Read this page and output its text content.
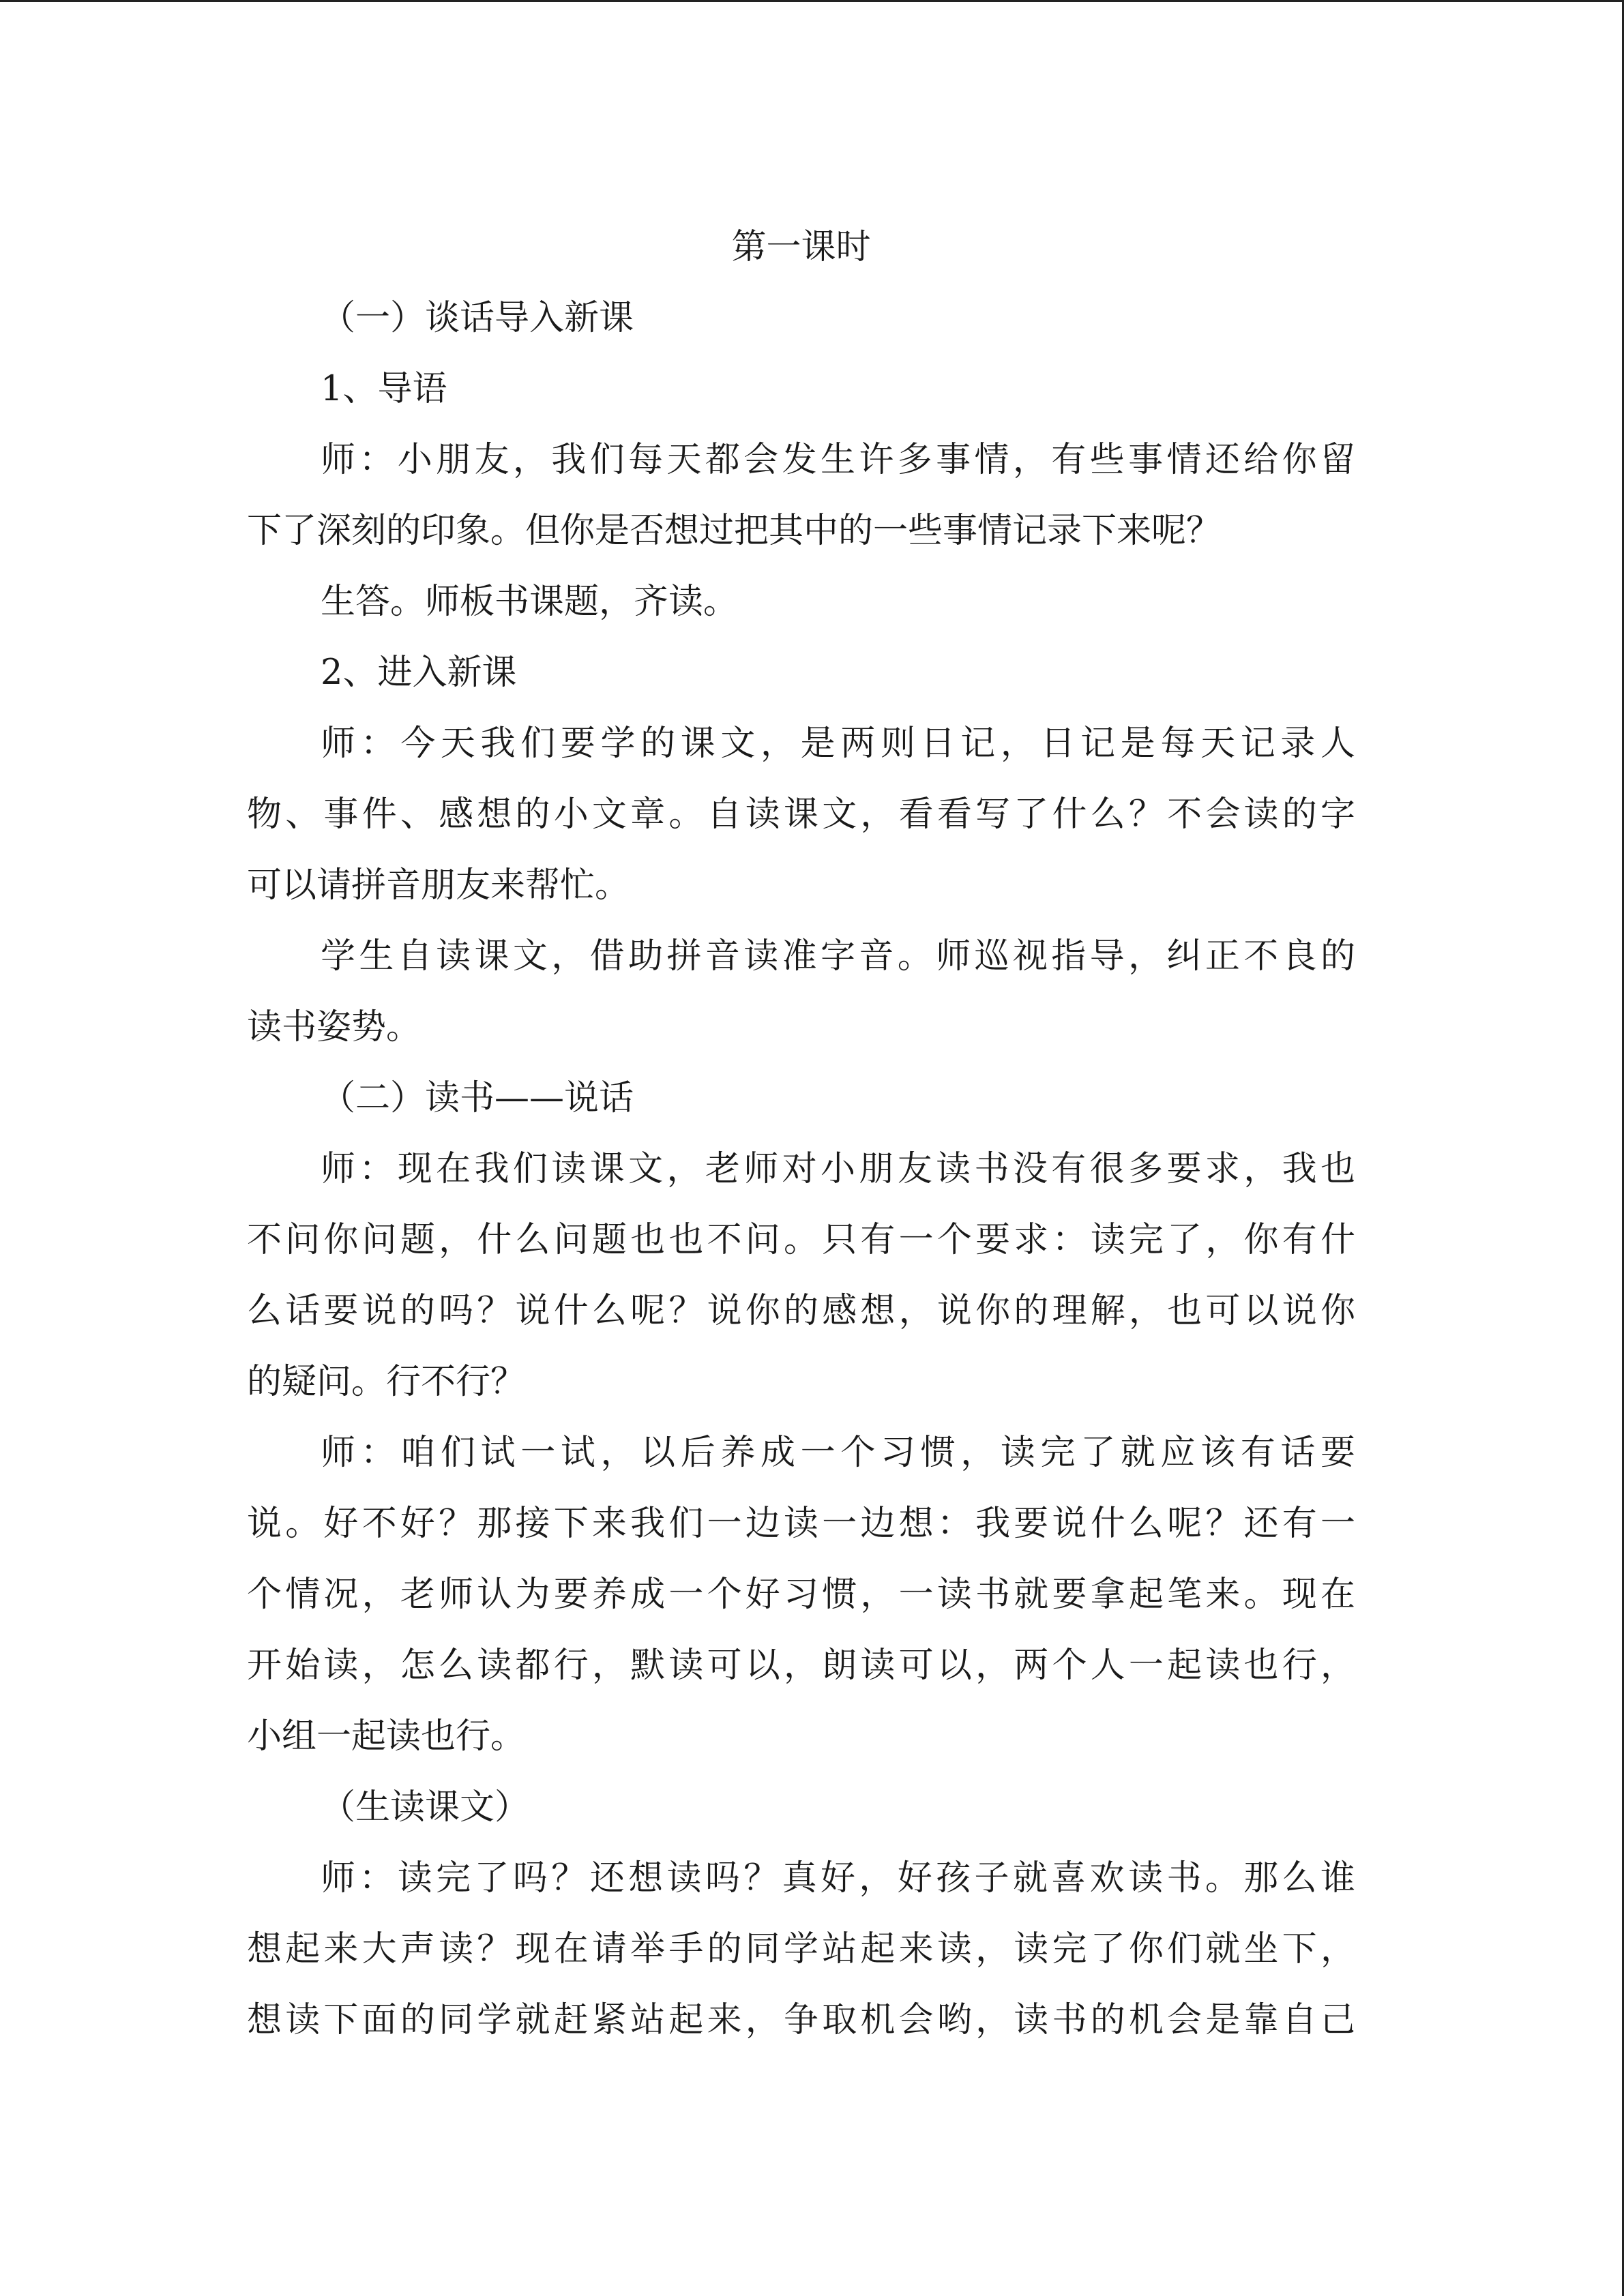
第一课时

（一）谈话导入新课

1、导语

师：小朋友，我们每天都会发生许多事情，有些事情还给你留

下了深刻的印象。但你是否想过把其中的一些事情记录下来呢？

生答。师板书课题，齐读。

2、进入新课

师：今天我们要学的课文，是两则日记，日记是每天记录人

物、事件、感想的小文章。自读课文，看看写了什么？不会读的字

可以请拼音朋友来帮忙。

学生自读课文，借助拼音读准字音。师巡视指导，纠正不良的

读书姿势。

（二）读书——说话

师：现在我们读课文，老师对小朋友读书没有很多要求，我也

不问你问题，什么问题也也不问。只有一个要求：读完了，你有什

么话要说的吗？说什么呢？说你的感想，说你的理解，也可以说你

的疑问。行不行？

师：咱们试一试，以后养成一个习惯，读完了就应该有话要

说。好不好？那接下来我们一边读一边想：我要说什么呢？还有一

个情况，老师认为要养成一个好习惯，一读书就要拿起笔来。现在

开始读，怎么读都行，默读可以，朗读可以，两个人一起读也行，

小组一起读也行。

（生读课文）

师：读完了吗？还想读吗？真好，好孩子就喜欢读书。那么谁

想起来大声读？现在请举手的同学站起来读，读完了你们就坐下，

想读下面的同学就赶紧站起来，争取机会哟，读书的机会是靠自己
